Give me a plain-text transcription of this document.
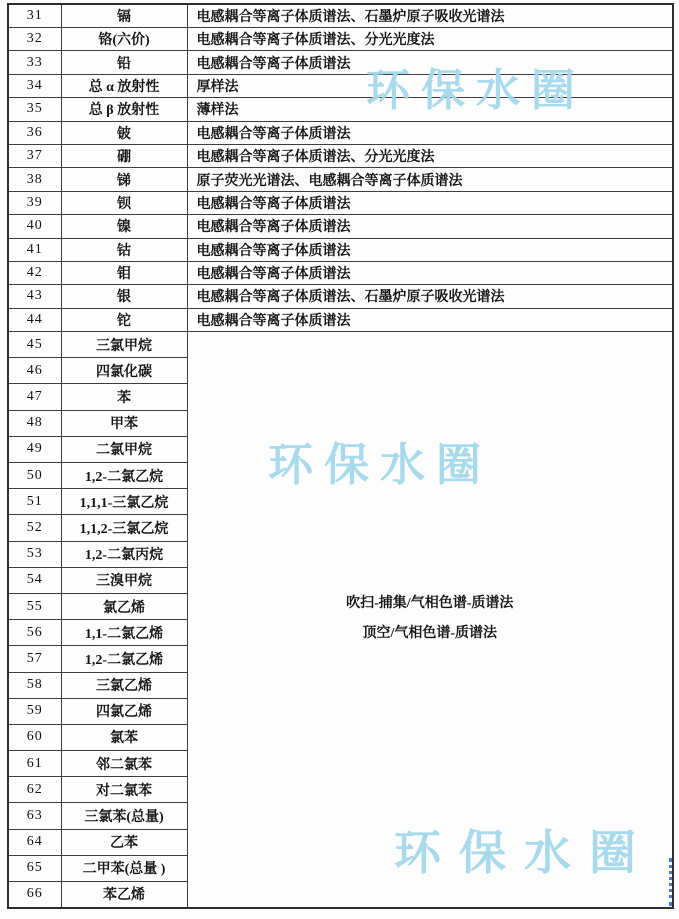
31	镉	电感耦合等离子体质谱法、石墨炉原子吸收光谱法
32	铬(六价)	电感耦合等离子体质谱法、分光光度法
33	铅	电感耦合等离子体质谱法
34	总 α 放射性	厚样法
35	总 β 放射性	薄样法
36	铍	电感耦合等离子体质谱法
37	硼	电感耦合等离子体质谱法、分光光度法
38	锑	原子荧光光谱法、电感耦合等离子体质谱法
39	钡	电感耦合等离子体质谱法
40	镍	电感耦合等离子体质谱法
41	钴	电感耦合等离子体质谱法
42	钼	电感耦合等离子体质谱法
43	银	电感耦合等离子体质谱法、石墨炉原子吸收光谱法
44	铊	电感耦合等离子体质谱法
45	三氯甲烷	吹扫-捕集/气相色谱-质谱法
顶空/气相色谱-质谱法

46	四氯化碳	
47	苯	
48	甲苯	
49	二氯甲烷	
50	1,2-二氯乙烷	
51	1,1,1-三氯乙烷	
52	1,1,2-三氯乙烷	
53	1,2-二氯丙烷	
54	三溴甲烷	
55	氯乙烯	
56	1,1-二氯乙烯	
57	1,2-二氯乙烯	
58	三氯乙烯	
59	四氯乙烯	
60	氯苯	
61	邻二氯苯	
62	对二氯苯	
63	三氯苯(总量)	
64	乙苯	
65	二甲苯(总量 )	
66	苯乙烯	
环保水圈
环保水圈
环保水圈
